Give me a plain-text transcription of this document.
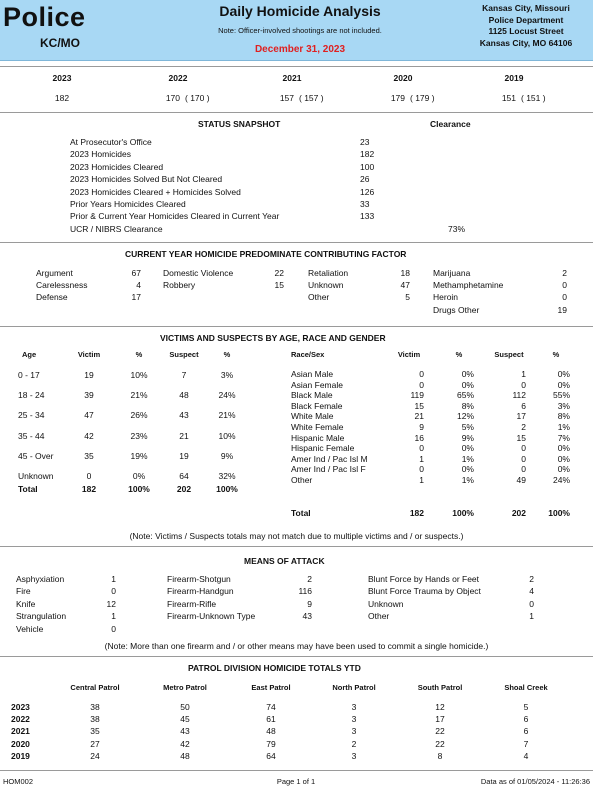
Police
KC/MO
Daily Homicide Analysis
Note: Officer-involved shootings are not included.
December 31, 2023
Kansas City, Missouri
Police Department
1125 Locust Street
Kansas City, MO 64106
2023
182
2022
170 ( 170 )
2021
157 ( 157 )
2020
179 ( 179 )
2019
151 ( 151 )
STATUS SNAPSHOT	Clearance
At Prosecutor's Office	23
2023 Homicides	182
2023 Homicides Cleared	100
2023 Homicides Solved But Not Cleared	26
2023 Homicides Cleared + Homicides Solved	126
Prior Years Homicides Cleared	33
Prior & Current Year Homicides Cleared in Current Year	133
UCR / NIBRS Clearance	73%
CURRENT YEAR HOMICIDE PREDOMINATE CONTRIBUTING FACTOR
Argument	67
Carelessness	4
Defense	17
Domestic Violence	22
Robbery	15
Retaliation	18
Unknown	47
Other	5
Marijuana	2
Methamphetamine	0
Heroin	0
Drugs Other	19
VICTIMS AND SUSPECTS BY AGE, RACE AND GENDER
Age	Victim	%	Suspect	%
0 - 17	19	10%	7	3%
18 - 24	39	21%	48	24%
25 - 34	47	26%	43	21%
35 - 44	42	23%	21	10%
45 - Over	35	19%	19	9%
Unknown	0	0%	64	32%
Total	182	100%	202	100%
Race/Sex	Victim	%	Suspect	%
Asian Male	0	0%	1	0%
Asian Female	0	0%	0	0%
Black Male	119	65%	112	55%
Black Female	15	8%	6	3%
White Male	21	12%	17	8%
White Female	9	5%	2	1%
Hispanic Male	16	9%	15	7%
Hispanic Female	0	0%	0	0%
Amer Ind / Pac Isl M	1	1%	0	0%
Amer Ind / Pac Isl F	0	0%	0	0%
Other	1	1%	49	24%
Total	182	100%	202	100%
(Note: Victims / Suspects totals may not match due to multiple victims and / or suspects.)
MEANS OF ATTACK
Asphyxiation	1
Fire	0
Knife	12
Strangulation	1
Vehicle	0
Firearm-Shotgun	2
Firearm-Handgun	116
Firearm-Rifle	9
Firearm-Unknown Type	43
Blunt Force by Hands or Feet	2
Blunt Force Trauma by Object	4
Unknown	0
Other	1
(Note: More than one firearm and / or other means may have been used to commit a single homicide.)
PATROL DIVISION HOMICIDE TOTALS YTD
Central Patrol	Metro Patrol	East Patrol	North Patrol	South Patrol	Shoal Creek
2023	38	50	74	3	12	5
2022	38	45	61	3	17	6
2021	35	43	48	3	22	6
2020	27	42	79	2	22	7
2019	24	48	64	3	8	4
HOM002	Page 1 of 1	Data as of 01/05/2024 - 11:26:36
